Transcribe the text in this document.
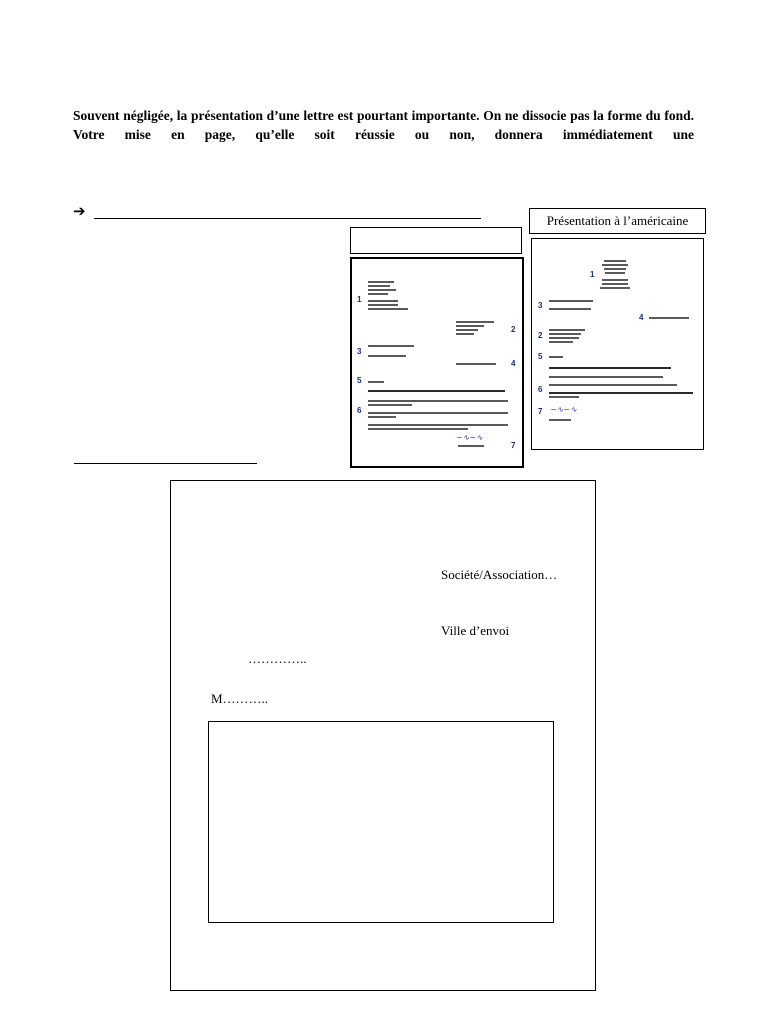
Souvent négligée, la présentation d’une lettre est pourtant importante. On ne dissocie pas la forme du fond. Votre mise en page, qu’elle soit réussie ou non, donnera immédiatement une

➔
Présentation à l’américaine
1
2
3
4
5
6
~∿~∿
7
1
3
4
2
5
6
~∿~∿
7
Société/Association…
Ville d’envoi
…………..
M………..
